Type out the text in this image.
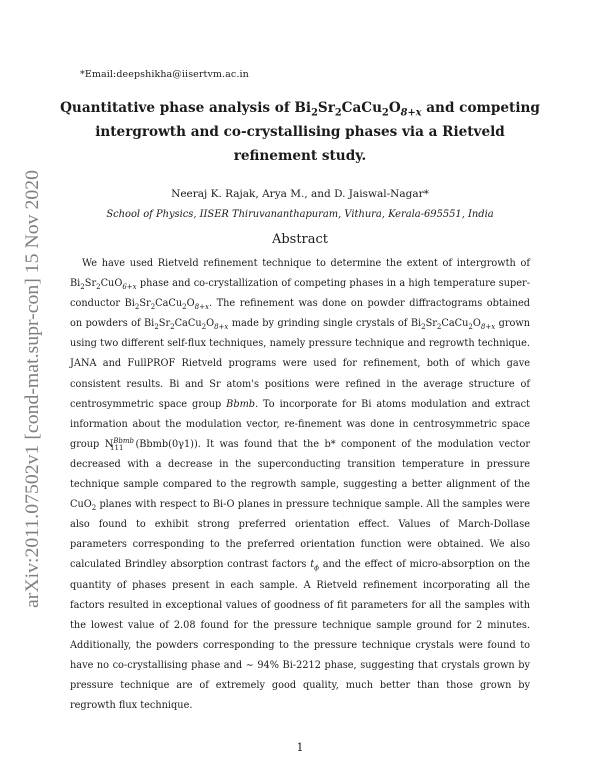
arXiv:2011.07502v1 [cond-mat.supr-con] 15 Nov 2020
*Email:deepshikha@iisertvm.ac.in
Quantitative phase analysis of $Bi_2Sr_2CaCu_2O_{8+x}$ and competing intergrowth and co-crystallising phases via a Rietveld refinement study.
Neeraj K. Rajak, Arya M., and D. Jaiswal-Nagar*
School of Physics, IISER Thiruvananthapuram, Vithura, Kerala-695551, India
Abstract

We have used Rietveld refinement technique to determine the extent of intergrowth of $Bi_2Sr_2CuO_{6+x}$ phase and co-crystallization of competing phases in a high temperature super-conductor $Bi_2Sr_2CaCu_2O_{8+x}$. The refinement was done on powder diffractograms obtained on powders of $Bi_2Sr_2CaCu_2O_{8+x}$ made by grinding single crystals of $Bi_2Sr_2CaCu_2O_{8+x}$ grown using two different self-flux techniques, namely pressure technique and regrowth technique. JANA and FullPROF Rietveld programs were used for refinement, both of which gave consistent results. Bi and Sr atom's positions were refined in the average structure of centrosymmetric space group Bbmb. To incorporate for Bi atoms modulation and extract information about the modulation vector, re-finement was done in centrosymmetric space group $N^{Bbmb}_{111}$ (Bbmb(0γ1)). It was found that the b* component of the modulation vector decreased with a decrease in the superconducting transition temperature in pressure technique sample compared to the regrowth sample, suggesting a better alignment of the CuO$_2$ planes with respect to Bi-O planes in pressure technique sample. All the samples were also found to exhibit strong preferred orientation effect. Values of March-Dollase parameters corresponding to the preferred orientation function were obtained. We also calculated Brindley absorption contrast factors $t_\phi$ and the effect of micro-absorption on the quantity of phases present in each sample. A Rietveld refinement incorporating all the factors resulted in exceptional values of goodness of fit parameters for all the samples with the lowest value of 2.08 found for the pressure technique sample ground for 2 minutes. Additionally, the powders corresponding to the pressure technique crystals were found to have no co-crystallising phase and ∼ 94% Bi-2212 phase, suggesting that crystals grown by pressure technique are of extremely good quality, much better than those grown by regrowth flux technique.

1
